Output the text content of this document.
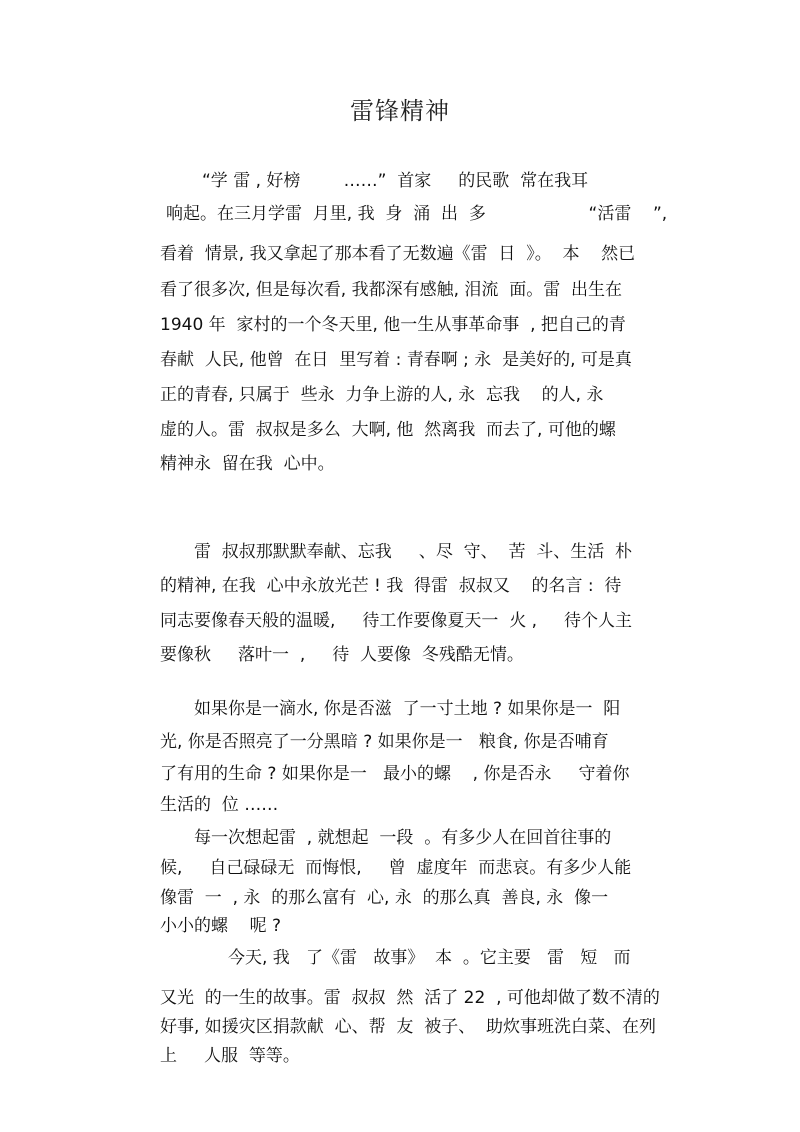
雷锋精神
“学 雷 , 好榜        ……”  首家     的民歌  常在我耳
响起。在三月学雷  月里, 我  身  涌  出  多                   “活雷    ”,
看着  情景, 我又拿起了那本看了无数遍《雷  日  》。  本    然已
看了很多次, 但是每次看, 我都深有感触, 泪流  面。雷  出生在
1940 年  家村的一个冬天里, 他一生从事革命事  , 把自己的青
春献  人民, 他曾  在日  里写着 : 青春啊 ; 永  是美好的, 可是真
正的青春, 只属于  些永  力争上游的人, 永  忘我    的人, 永
虚的人。雷  叔叔是多么  大啊, 他  然离我  而去了, 可他的螺
精神永  留在我  心中。
雷  叔叔那默默奉献、忘我     、尽  守、  苦  斗、生活  朴
的精神, 在我  心中永放光芒 ! 我  得雷  叔叔又    的名言 :  待
同志要像春天般的温暖,     待工作要像夏天一  火 ,     待个人主
要像秋     落叶一  ,     待  人要像  冬残酷无情。
如果你是一滴水, 你是否滋  了一寸土地 ? 如果你是一  阳
光, 你是否照亮了一分黑暗 ? 如果你是一   粮食, 你是否哺育
了有用的生命 ? 如果你是一   最小的螺    , 你是否永     守着你
生活的  位 ……
每一次想起雷  , 就想起  一段  。有多少人在回首往事的
候,     自己碌碌无  而悔恨,     曾  虚度年  而悲哀。有多少人能
像雷  一  , 永  的那么富有  心, 永  的那么真  善良, 永  像一
小小的螺    呢 ?
今天, 我   了《雷   故事》  本  。它主要   雷   短   而
又光  的一生的故事。雷  叔叔  然  活了 22  , 可他却做了数不清的
好事, 如援灾区捐款献  心、帮  友  被子、  助炊事班洗白菜、在列
上     人服  等等。
